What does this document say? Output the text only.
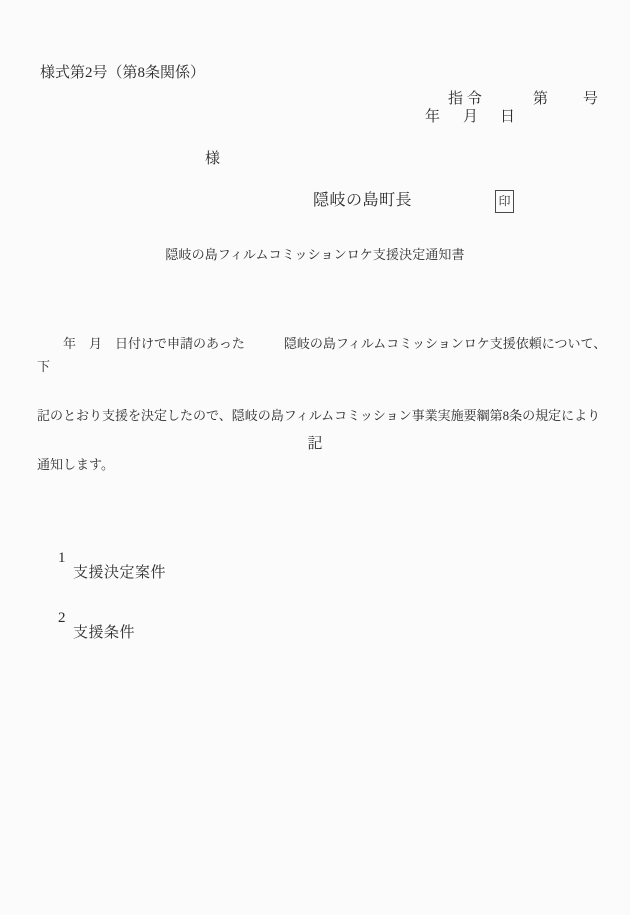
様式第2号（第8条関係）

指 令

	第

号

年

月

日

様
隠岐の島町長	印
隠岐の島フィルムコミッションロケ支援決定通知書

　　年　月　日付けで申請のあった　　　隠岐の島フィルムコミッションロケ支援依頼について、下

記のとおり支援を決定したので、隠岐の島フィルムコミッション事業実施要綱第8条の規定により

通知します。

記

1
支援決定案件

2
支援条件
